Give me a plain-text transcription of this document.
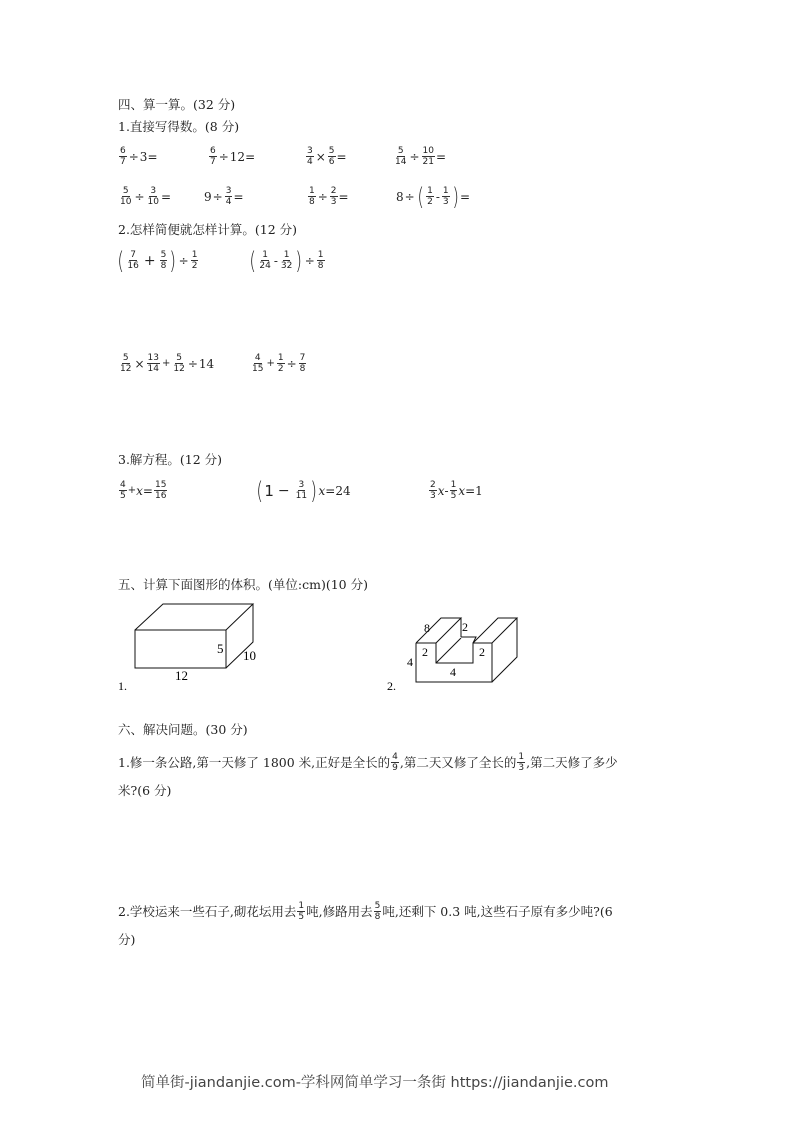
四、算一算。(32 分)
1.直接写得数。(8 分)
$\frac{6}{7} \div 3$ =	$\frac{6}{7} \div 12$ =	$\frac{3}{4} \times \frac{5}{6}$ =	$\frac{5}{14} \div \frac{10}{21}$ =
$\frac{5}{10} \div \frac{3}{10}$ =	$9 \div \frac{3}{4}$ =	$\frac{1}{8} \div \frac{2}{3}$ =	8 ÷ ( $\frac{1}{2} - \frac{1}{3}$ ) =
2.怎样简便就怎样计算。(12 分)
( $\frac{7}{16} + \frac{5}{8}$ ) ÷ $\frac{1}{2}$ ( $\frac{1}{24} - \frac{1}{32}$ ) ÷ $\frac{1}{8}$
$\frac{5}{12} \times \frac{13}{14} + \frac{5}{12} \div 14$	$\frac{4}{15} + \frac{1}{2} \div \frac{7}{8}$
3.解方程。(12 分)
$\frac{4}{5} + x = \frac{15}{16}$	( $1 - \frac{3}{11}$ ) x =24	$\frac{2}{3}$ x - $\frac{1}{5}$ x =1
五、计算下面图形的体积。(单位:cm)(10 分)
12
5 10
1.
8	2
2	2
4
4
2.
六、解决问题。(30 分)
1.修一条公路,第一天修了 1800 米,正好是全长的 $\frac{4}{9}$ ,第二天又修了全长的 $\frac{1}{3}$ ,第二天修了多少
米?(6 分)
2.学校运来一些石子,砌花坛用去 $\frac{1}{5}$ 吨,修路用去 $\frac{5}{8}$ 吨,还剩下 0.3 吨,这些石子原有多少吨?(6
分)
简单街-jiandanjie.com-学科网简单学习一条街 https://jiandanjie.com
